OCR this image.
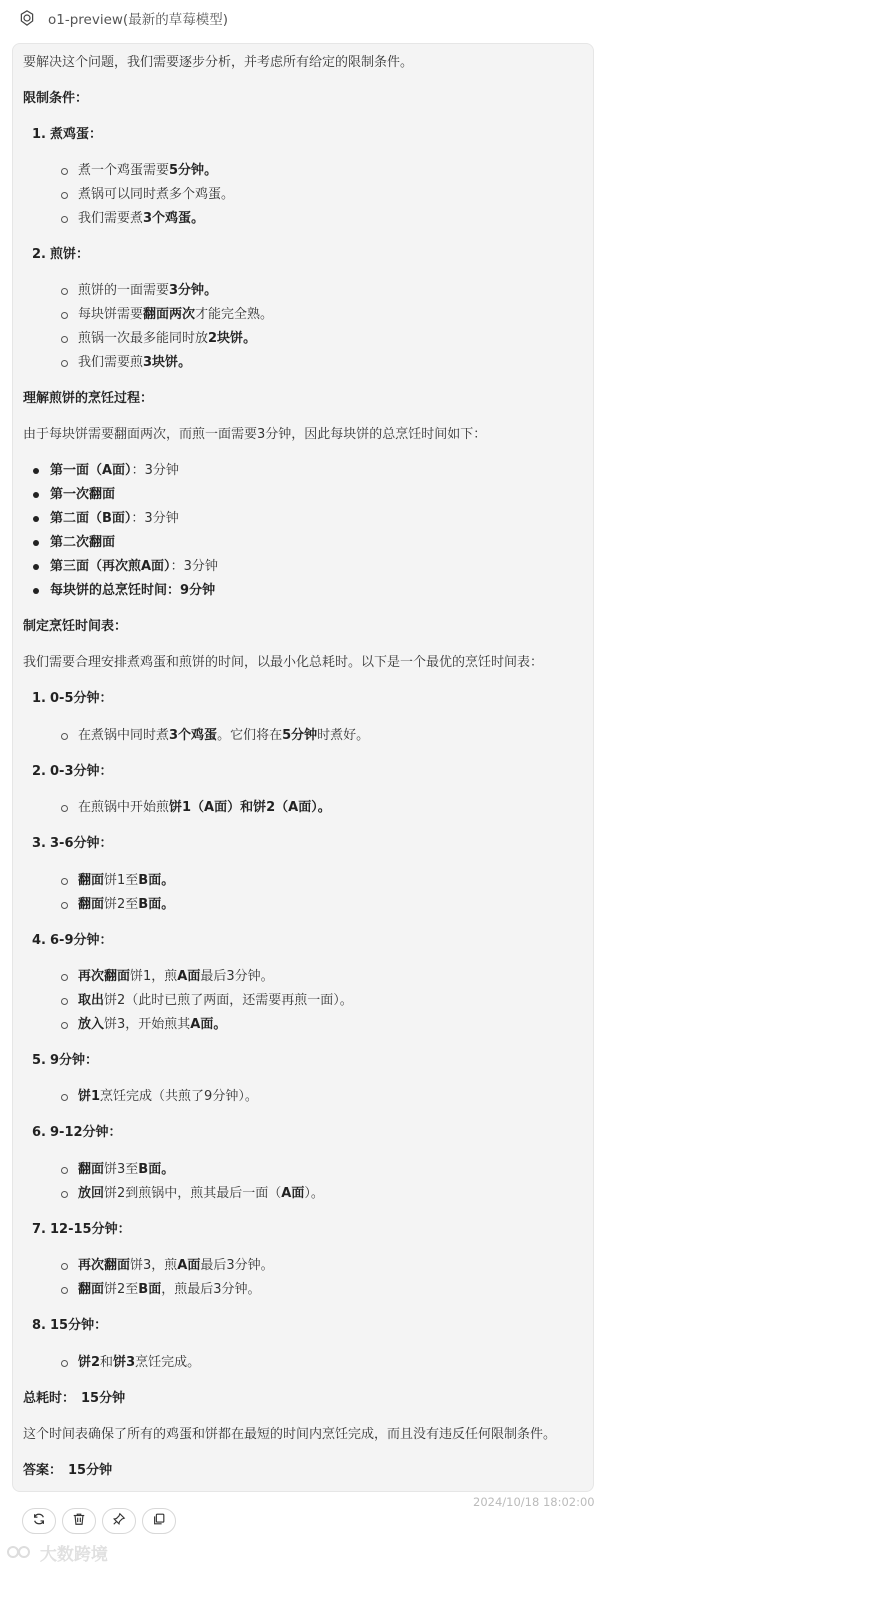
o1-preview(最新的草莓模型)
要解决这个问题，我们需要逐步分析，并考虑所有给定的限制条件。
限制条件：
1. 煮鸡蛋：
煮一个鸡蛋需要5分钟。
煮锅可以同时煮多个鸡蛋。
我们需要煮3个鸡蛋。
2. 煎饼：
煎饼的一面需要3分钟。
每块饼需要翻面两次才能完全熟。
煎锅一次最多能同时放2块饼。
我们需要煎3块饼。
理解煎饼的烹饪过程：
由于每块饼需要翻面两次，而煎一面需要3分钟，因此每块饼的总烹饪时间如下：
第一面（A面）：3分钟
第一次翻面
第二面（B面）：3分钟
第二次翻面
第三面（再次煎A面）：3分钟
每块饼的总烹饪时间：9分钟
制定烹饪时间表：
我们需要合理安排煮鸡蛋和煎饼的时间，以最小化总耗时。以下是一个最优的烹饪时间表：
1. 0-5分钟：
在煮锅中同时煮3个鸡蛋。它们将在5分钟时煮好。
2. 0-3分钟：
在煎锅中开始煎饼1（A面）和饼2（A面）。
3. 3-6分钟：
翻面饼1至B面。
翻面饼2至B面。
4. 6-9分钟：
再次翻面饼1，煎A面最后3分钟。
取出饼2（此时已煎了两面，还需要再煎一面）。
放入饼3，开始煎其A面。
5. 9分钟：
饼1烹饪完成（共煎了9分钟）。
6. 9-12分钟：
翻面饼3至B面。
放回饼2到煎锅中，煎其最后一面（A面）。
7. 12-15分钟：
再次翻面饼3，煎A面最后3分钟。
翻面饼2至B面，煎最后3分钟。
8. 15分钟：
饼2和饼3烹饪完成。
总耗时： 15分钟
这个时间表确保了所有的鸡蛋和饼都在最短的时间内烹饪完成，而且没有违反任何限制条件。
答案： 15分钟
2024/10/18 18:02:00
大数跨境
